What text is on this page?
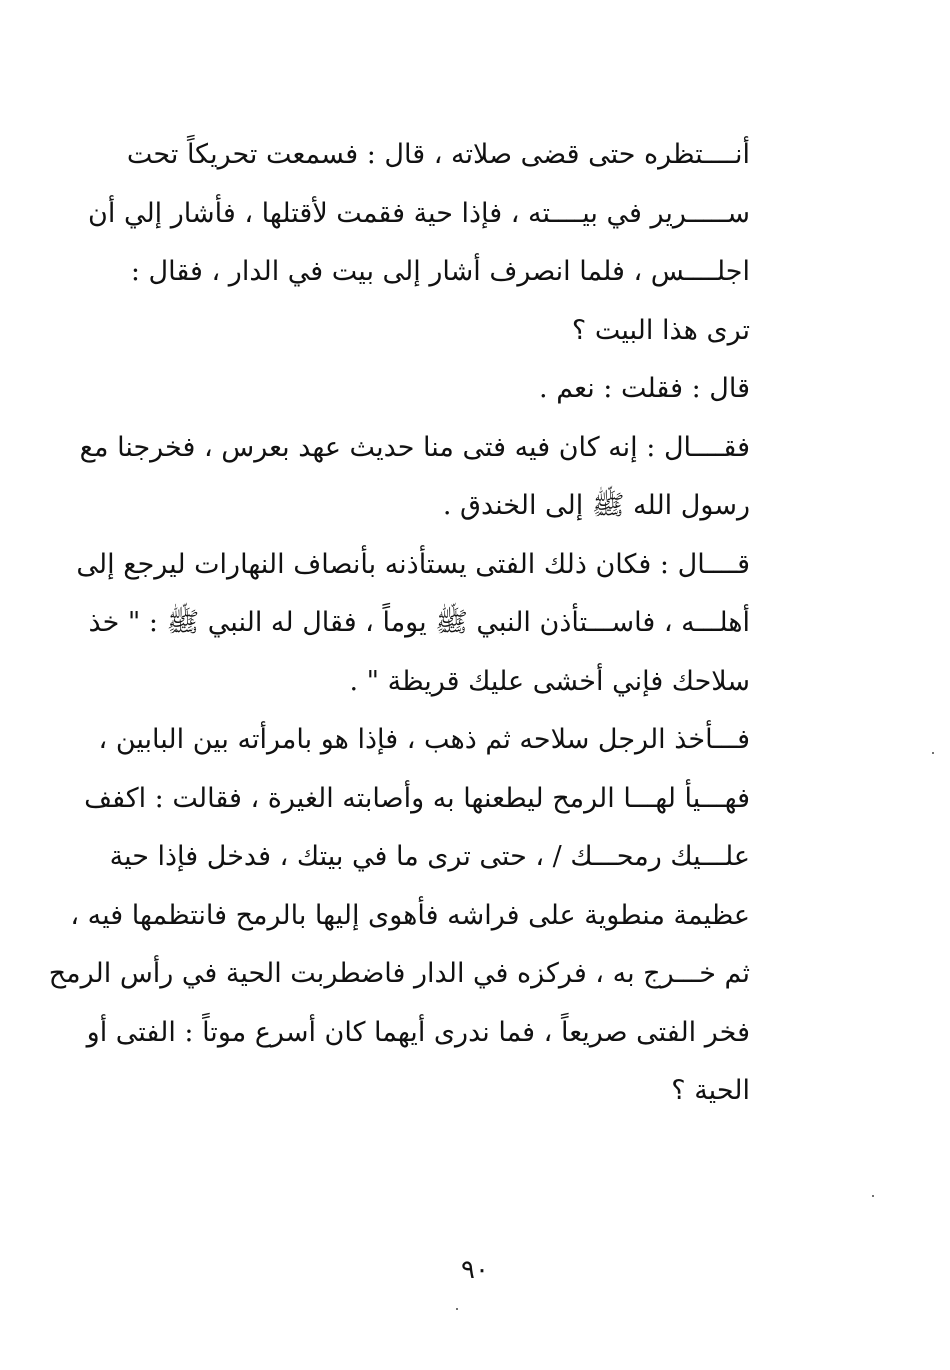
أنــــتظره حتى قضى صلاته ، قال : فسمعت تحريكاً تحت
ســـــرير في بيــــته ، فإذا حية فقمت لأقتلها ، فأشار إلي أن
اجلــــس ، فلما انصرف أشار إلى بيت في الدار ، فقال :
ترى هذا البيت ؟
قال : فقلت : نعم .
فقــــال : إنه كان فيه فتى منا حديث عهد بعرس ، فخرجنا مع
رسول الله ﷺ إلى الخندق .
قــــال : فكان ذلك الفتى يستأذنه بأنصاف النهارات ليرجع إلى
أهلـــه ، فاســـتأذن النبي ﷺ يوماً ، فقال له النبي ﷺ : " خذ
سلاحك فإني أخشى عليك قريظة " .
فـــأخذ الرجل سلاحه ثم ذهب ، فإذا هو بامرأته بين البابين ،
فهـــيأ لهـــا الرمح ليطعنها به وأصابته الغيرة ، فقالت : اكفف
علـــيك رمحـــك / ، حتى ترى ما في بيتك ، فدخل فإذا حية
عظيمة منطوية على فراشه فأهوى إليها بالرمح فانتظمها فيه ،
ثم خـــرج به ، فركزه في الدار فاضطربت الحية في رأس الرمح
فخر الفتى صريعاً ، فما ندرى أيهما كان أسرع موتاً : الفتى أو
الحية ؟
٩٠
